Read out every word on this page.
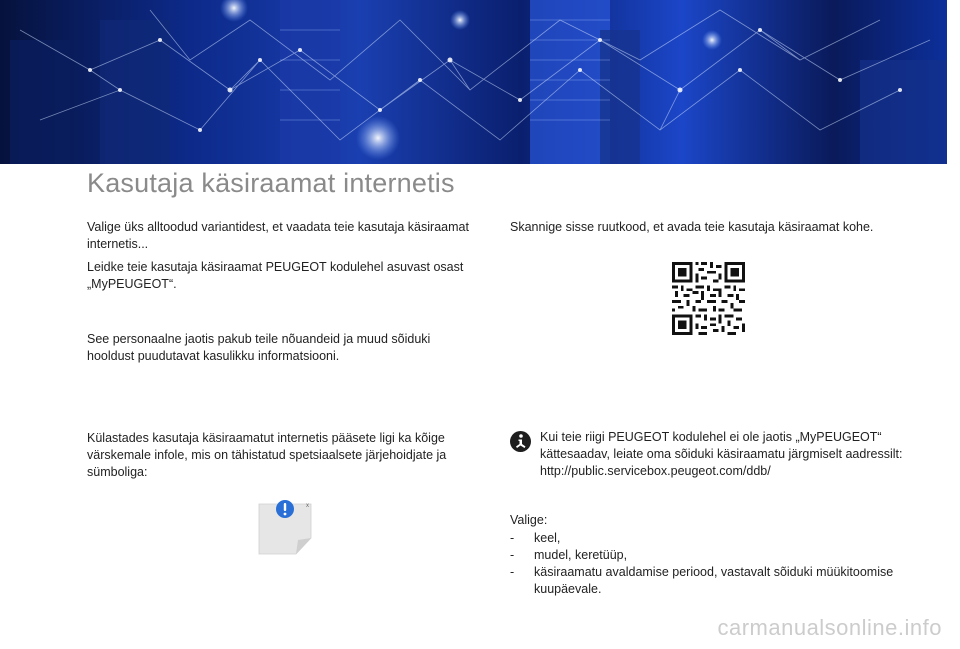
Kasutaja käsiraamat internetis

Valige üks alltoodud variantidest, et vaadata teie kasutaja käsiraamat internetis...

Leidke teie kasutaja käsiraamat PEUGEOT kodulehel asuvast osast „MyPEUGEOT“.

See personaalne jaotis pakub teile nõuandeid ja muud sõiduki hooldust puudutavat kasulikku informatsiooni.

Külastades kasutaja käsiraamatut internetis pääsete ligi ka kõige värskemale infole, mis on tähistatud spetsiaalsete järjehoidjate ja sümboliga:

x

Skannige sisse ruutkood, et avada teie kasutaja käsiraamat kohe.

Kui teie riigi PEUGEOT kodulehel ei ole jaotis „MyPEUGEOT“ kättesaadav, leiate oma sõiduki käsiraamatu järgmiselt aadressilt: http://public.servicebox.peugeot.com/ddb/

Valige:

- keel,
- mudel, keretüüp,
- käsiraamatu avaldamise periood, vastavalt sõiduki müükitoomise kuupäevale.
carmanualsonline.info
